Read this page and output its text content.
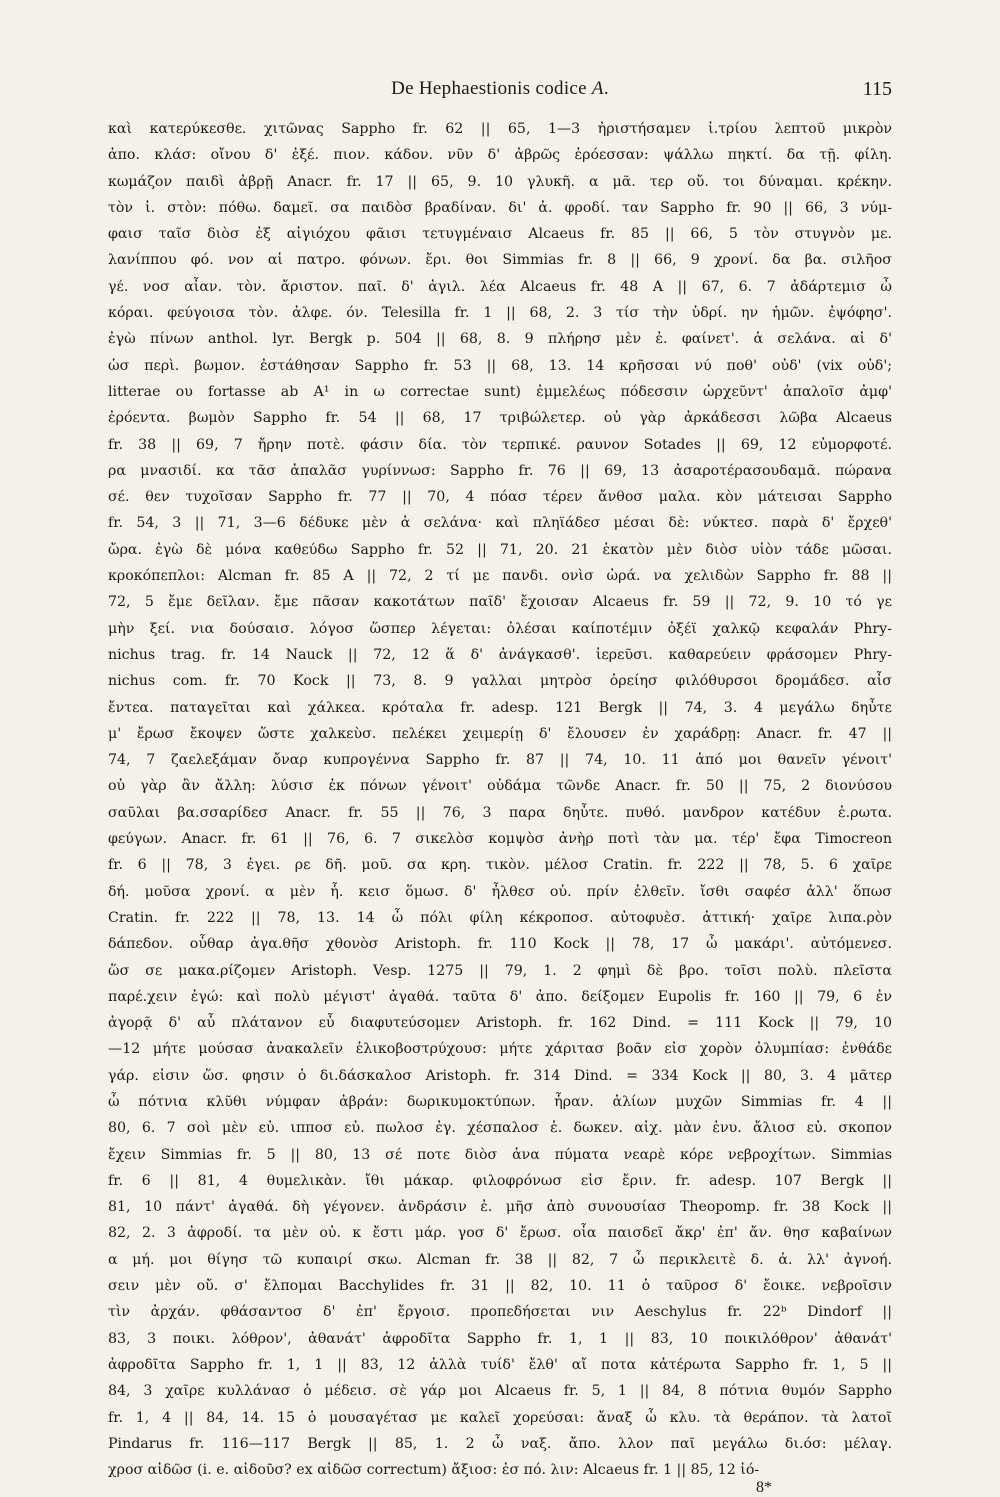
De Hephaestionis codice A.	115
καὶ κατερύκεσθε. χιτῶνας Sappho fr. 62 || 65, 1—3 ἠριστήσαμεν ἰ.τρίου λεπτοῦ μικρὸν
ἀπο. κλάσ: οἴνου δ' ἐξέ. πιον. κάδον. νῦν δ' ἀβρῶς ἐρόεσσαν: ψάλλω πηκτί. δα τῇ. φίλη.
κωμάζον παιδὶ ἀβρῇ Anacr. fr. 17 || 65, 9. 10 γλυκῆ. α μᾶ. τερ οὔ. τοι δύναμαι. κρέκην.
τὸν ἱ. στὸν: πόθω. δαμεῖ. σα παιδὸσ βραδίναν. δι' ἀ. φροδί. ταν Sappho fr. 90 || 66, 3 νύμ-
φαισ ταῖσ διὸσ ἐξ αἰγιόχου φᾶισι τετυγμέναισ Alcaeus fr. 85 || 66, 5 τὸν στυγνὸν με.
λανίππου φό. νον αἱ πατρο. φόνων. ἔρι. θοι Simmias fr. 8 || 66, 9 χρονί. δα βα. σιλῆοσ
γέ. νοσ αἶαν. τὸν. ἄριστον. παῖ. δ' ἀγιλ. λέα Alcaeus fr. 48 A || 67, 6. 7 ἀδάρτεμισ ὦ
κόραι. φεύγοισα τὸν. ἀλφε. όν. Telesilla fr. 1 || 68, 2. 3 τίσ τὴν ὑδρί. ην ἡμῶν. ἐψόφησ'.
ἐγὼ πίνων anthol. lyr. Bergk p. 504 || 68, 8. 9 πλήρησ μὲν ἐ. φαίνετ'. ἁ σελάνα. αἱ δ'
ὡσ περὶ. βωμον. ἐστάθησαν Sappho fr. 53 || 68, 13. 14 κρῆσσαι νύ ποθ' οὐδ' (vix οὐδ';
litterae ου fortasse ab A¹ in ω correctae sunt) ἐμμελέως πόδεσσιν ὠρχεῦντ' ἀπαλοῖσ ἀμφ'
ἐρόεντα. βωμὸν Sappho fr. 54 || 68, 17 τριβώλετερ. οὐ γὰρ ἀρκάδεσσι λῶβα Alcaeus
fr. 38 || 69, 7 ἤρην ποτὲ. φάσιν δία. τὸν τερπικέ. ραυνον Sotades || 69, 12 εὐμορφοτέ.
ρα μνασιδί. κα τᾶσ ἀπαλᾶσ γυρίννωσ: Sappho fr. 76 || 69, 13 ἀσαροτέρασουδαμᾶ. πώρανα
σέ. θεν τυχοῖσαν Sappho fr. 77 || 70, 4 πόασ τέρεν ἄνθοσ μαλα. κὸν μάτεισαι Sappho
fr. 54, 3 || 71, 3—6 δέδυκε μὲν ἁ σελάνα· καὶ πληϊάδεσ μέσαι δὲ: νύκτεσ. παρὰ δ' ἔρχεθ'
ὤρα. ἐγὼ δὲ μόνα καθεύδω Sappho fr. 52 || 71, 20. 21 ἑκατὸν μὲν διὸσ υἱὸν τάδε μῶσαι.
κροκόπεπλοι: Alcman fr. 85 A || 72, 2 τί με πανδι. ονὶσ ὠρά. να χελιδὼν Sappho fr. 88 ||
72, 5 ἔμε δεῖλαν. ἔμε πᾶσαν κακοτάτων παῖδ' ἔχοισαν Alcaeus fr. 59 || 72, 9. 10 τό γε
μὴν ξεί. νια δούσαισ. λόγοσ ὥσπερ λέγεται: ὀλέσαι καίποτέμιν ὀξέϊ χαλκῷ κεφαλάν Phry-
nichus trag. fr. 14 Nauck || 72, 12 ἅ δ' ἀνάγκασθ'. ἱερεῦσι. καθαρεύειν φράσομεν Phry-
nichus com. fr. 70 Kock || 73, 8. 9 γαλλαι μητρὸσ ὀρείησ φιλόθυρσοι δρομάδεσ. αἶσ
ἔντεα. παταγεῖται καὶ χάλκεα. κρόταλα fr. adesp. 121 Bergk || 74, 3. 4 μεγάλω δηὖτε
μ' ἔρωσ ἔκοψεν ὥστε χαλκεὺσ. πελέκει χειμερίῃ δ' ἔλουσεν ἐν χαράδρῃ: Anacr. fr. 47 ||
74, 7 ζαελεξάμαν ὄναρ κυπρογέννα Sappho fr. 87 || 74, 10. 11 ἀπό μοι θανεῖν γένοιτ'
οὐ γὰρ ἂν ἄλλη: λύσισ ἐκ πόνων γένοιτ' οὐδάμα τῶνδε Anacr. fr. 50 || 75, 2 διονύσου
σαῦλαι βα.σσαρίδεσ Anacr. fr. 55 || 76, 3 παρα δηὖτε. πυθό. μανδρον κατέδυν ἐ.ρωτα.
φεύγων. Anacr. fr. 61 || 76, 6. 7 σικελὸσ κομψὸσ ἀνὴρ ποτὶ τὰν μα. τέρ' ἔφα Timocreon
fr. 6 || 78, 3 ἐγει. ρε δῆ. μοῦ. σα κρη. τικὸν. μέλοσ Cratin. fr. 222 || 78, 5. 6 χαῖρε
δή. μοῦσα χρονί. α μὲν ἧ. κεισ ὅμωσ. δ' ἦλθεσ οὐ. πρίν ἐλθεῖν. ἴσθι σαφέσ ἀλλ' ὅπωσ
Cratin. fr. 222 || 78, 13. 14 ὦ πόλι φίλη κέκροποσ. αὐτοφυὲσ. ἀττική· χαῖρε λιπα.ρὸν
δάπεδον. οὖθαρ ἀγα.θῆσ χθονὸσ Aristoph. fr. 110 Kock || 78, 17 ὦ μακάρι'. αὐτόμενεσ.
ὥσ σε μακα.ρίζομεν Aristoph. Vesp. 1275 || 79, 1. 2 φημὶ δὲ βρο. τοῖσι πολὺ. πλεῖστα
παρέ.χειν ἐγώ: καὶ πολὺ μέγιστ' ἀγαθά. ταῦτα δ' ἀπο. δείξομεν Eupolis fr. 160 || 79, 6 ἐν
ἀγορᾷ δ' αὖ πλάτανον εὖ διαφυτεύσομεν Aristoph. fr. 162 Dind. = 111 Kock || 79, 10
—12 μήτε μούσασ ἀνακαλεῖν ἑλικοβοστρύχουσ: μήτε χάριτασ βοᾶν εἰσ χορὸν ὀλυμπίασ: ἐνθάδε
γάρ. εἰσιν ὥσ. φησιν ὁ δι.δάσκαλοσ Aristoph. fr. 314 Dind. = 334 Kock || 80, 3. 4 μᾶτερ
ὦ πότνια κλῦθι νύμφαν ἀβράν: δωρικυμοκτύπων. ἦραν. ἁλίων μυχῶν Simmias fr. 4 ||
80, 6. 7 σοὶ μὲν εὐ. ιπποσ εὐ. πωλοσ ἐγ. χέσπαλοσ ἐ. δωκεν. αἰχ. μὰν ἐνυ. ἄλιοσ εὐ. σκοπον
ἔχειν Simmias fr. 5 || 80, 13 σέ ποτε διὸσ ἀνα πύματα νεαρὲ κόρε νεβροχίτων. Simmias
fr. 6 || 81, 4 θυμελικὰν. ἴθι μάκαρ. φιλοφρόνωσ εἰσ ἔριν. fr. adesp. 107 Bergk ||
81, 10 πάντ' ἀγαθά. δὴ γέγονεν. ἀνδράσιν ἐ. μῆσ ἀπὸ συνουσίασ Theopomp. fr. 38 Kock ||
82, 2. 3 ἀφροδί. τα μὲν οὐ. κ ἔστι μάρ. γοσ δ' ἔρωσ. οἷα παισδεῖ ἄκρ' ἐπ' ἄν. θησ καβαίνων
α μή. μοι θίγησ τῶ κυπαιρί σκω. Alcman fr. 38 || 82, 7 ὦ περικλειτὲ δ. ἀ. λλ' ἀγνοή.
σειν μὲν οὔ. σ' ἔλπομαι Bacchylides fr. 31 || 82, 10. 11 ὁ ταῦροσ δ' ἔοικε. νεβροῖσιν
τὶν ἀρχάν. φθάσαντοσ δ' ἐπ' ἔργοισ. προπεδήσεται νιν Aeschylus fr. 22ᵇ Dindorf ||
83, 3 ποικι. λόθρον', ἀθανάτ' ἀφροδῖτα Sappho fr. 1, 1 || 83, 10 ποικιλόθρον' ἀθανάτ'
ἀφροδῖτα Sappho fr. 1, 1 || 83, 12 ἀλλὰ τυίδ' ἔλθ' αἴ ποτα κἀτέρωτα Sappho fr. 1, 5 ||
84, 3 χαῖρε κυλλάνασ ὁ μέδεισ. σὲ γάρ μοι Alcaeus fr. 5, 1 || 84, 8 πότνια θυμόν Sappho
fr. 1, 4 || 84, 14. 15 ὁ μουσαγέτασ με καλεῖ χορεύσαι: ἄναξ ὦ κλυ. τὰ θεράπον. τὰ λατοῖ
Pindarus fr. 116—117 Bergk || 85, 1. 2 ὦ ναξ. ἄπο. λλον παῖ μεγάλω δι.όσ: μέλαγ.
χροσ αἰδῶσ (i. e. αἰδοῦσ? ex αἰδῶσ correctum) ἄξιοσ: ἐσ πό. λιν: Alcaeus fr. 1 || 85, 12 ἰό-
8*
